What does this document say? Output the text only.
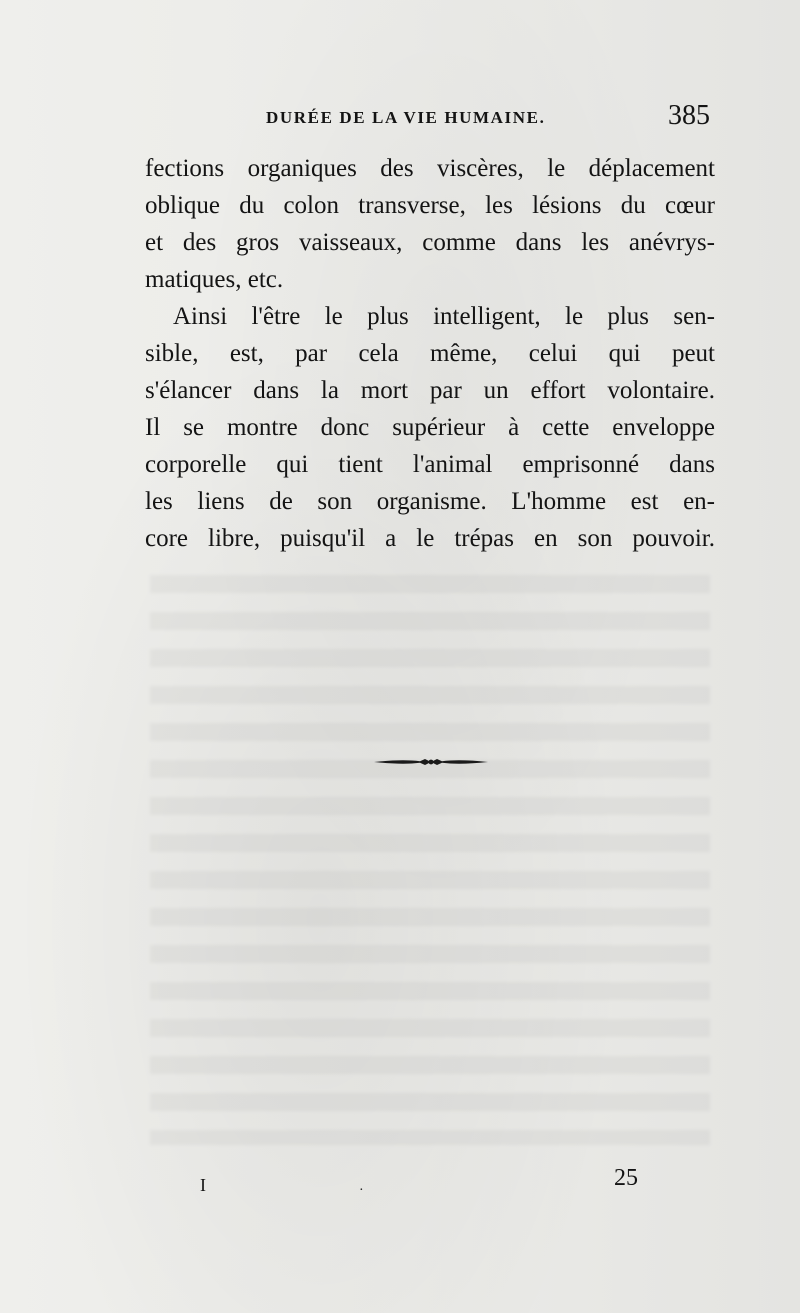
DURÉE DE LA VIE HUMAINE.	385
fections organiques des viscères, le déplacement
oblique du colon transverse, les lésions du cœur
et des gros vaisseaux, comme dans les anévrys-
matiques, etc.
Ainsi l'être le plus intelligent, le plus sen-
sible, est, par cela même, celui qui peut
s'élancer dans la mort par un effort volontaire.
Il se montre donc supérieur à cette enveloppe
corporelle qui tient l'animal emprisonné dans
les liens de son organisme. L'homme est en-
core libre, puisqu'il a le trépas en son pouvoir.
I	·	25
